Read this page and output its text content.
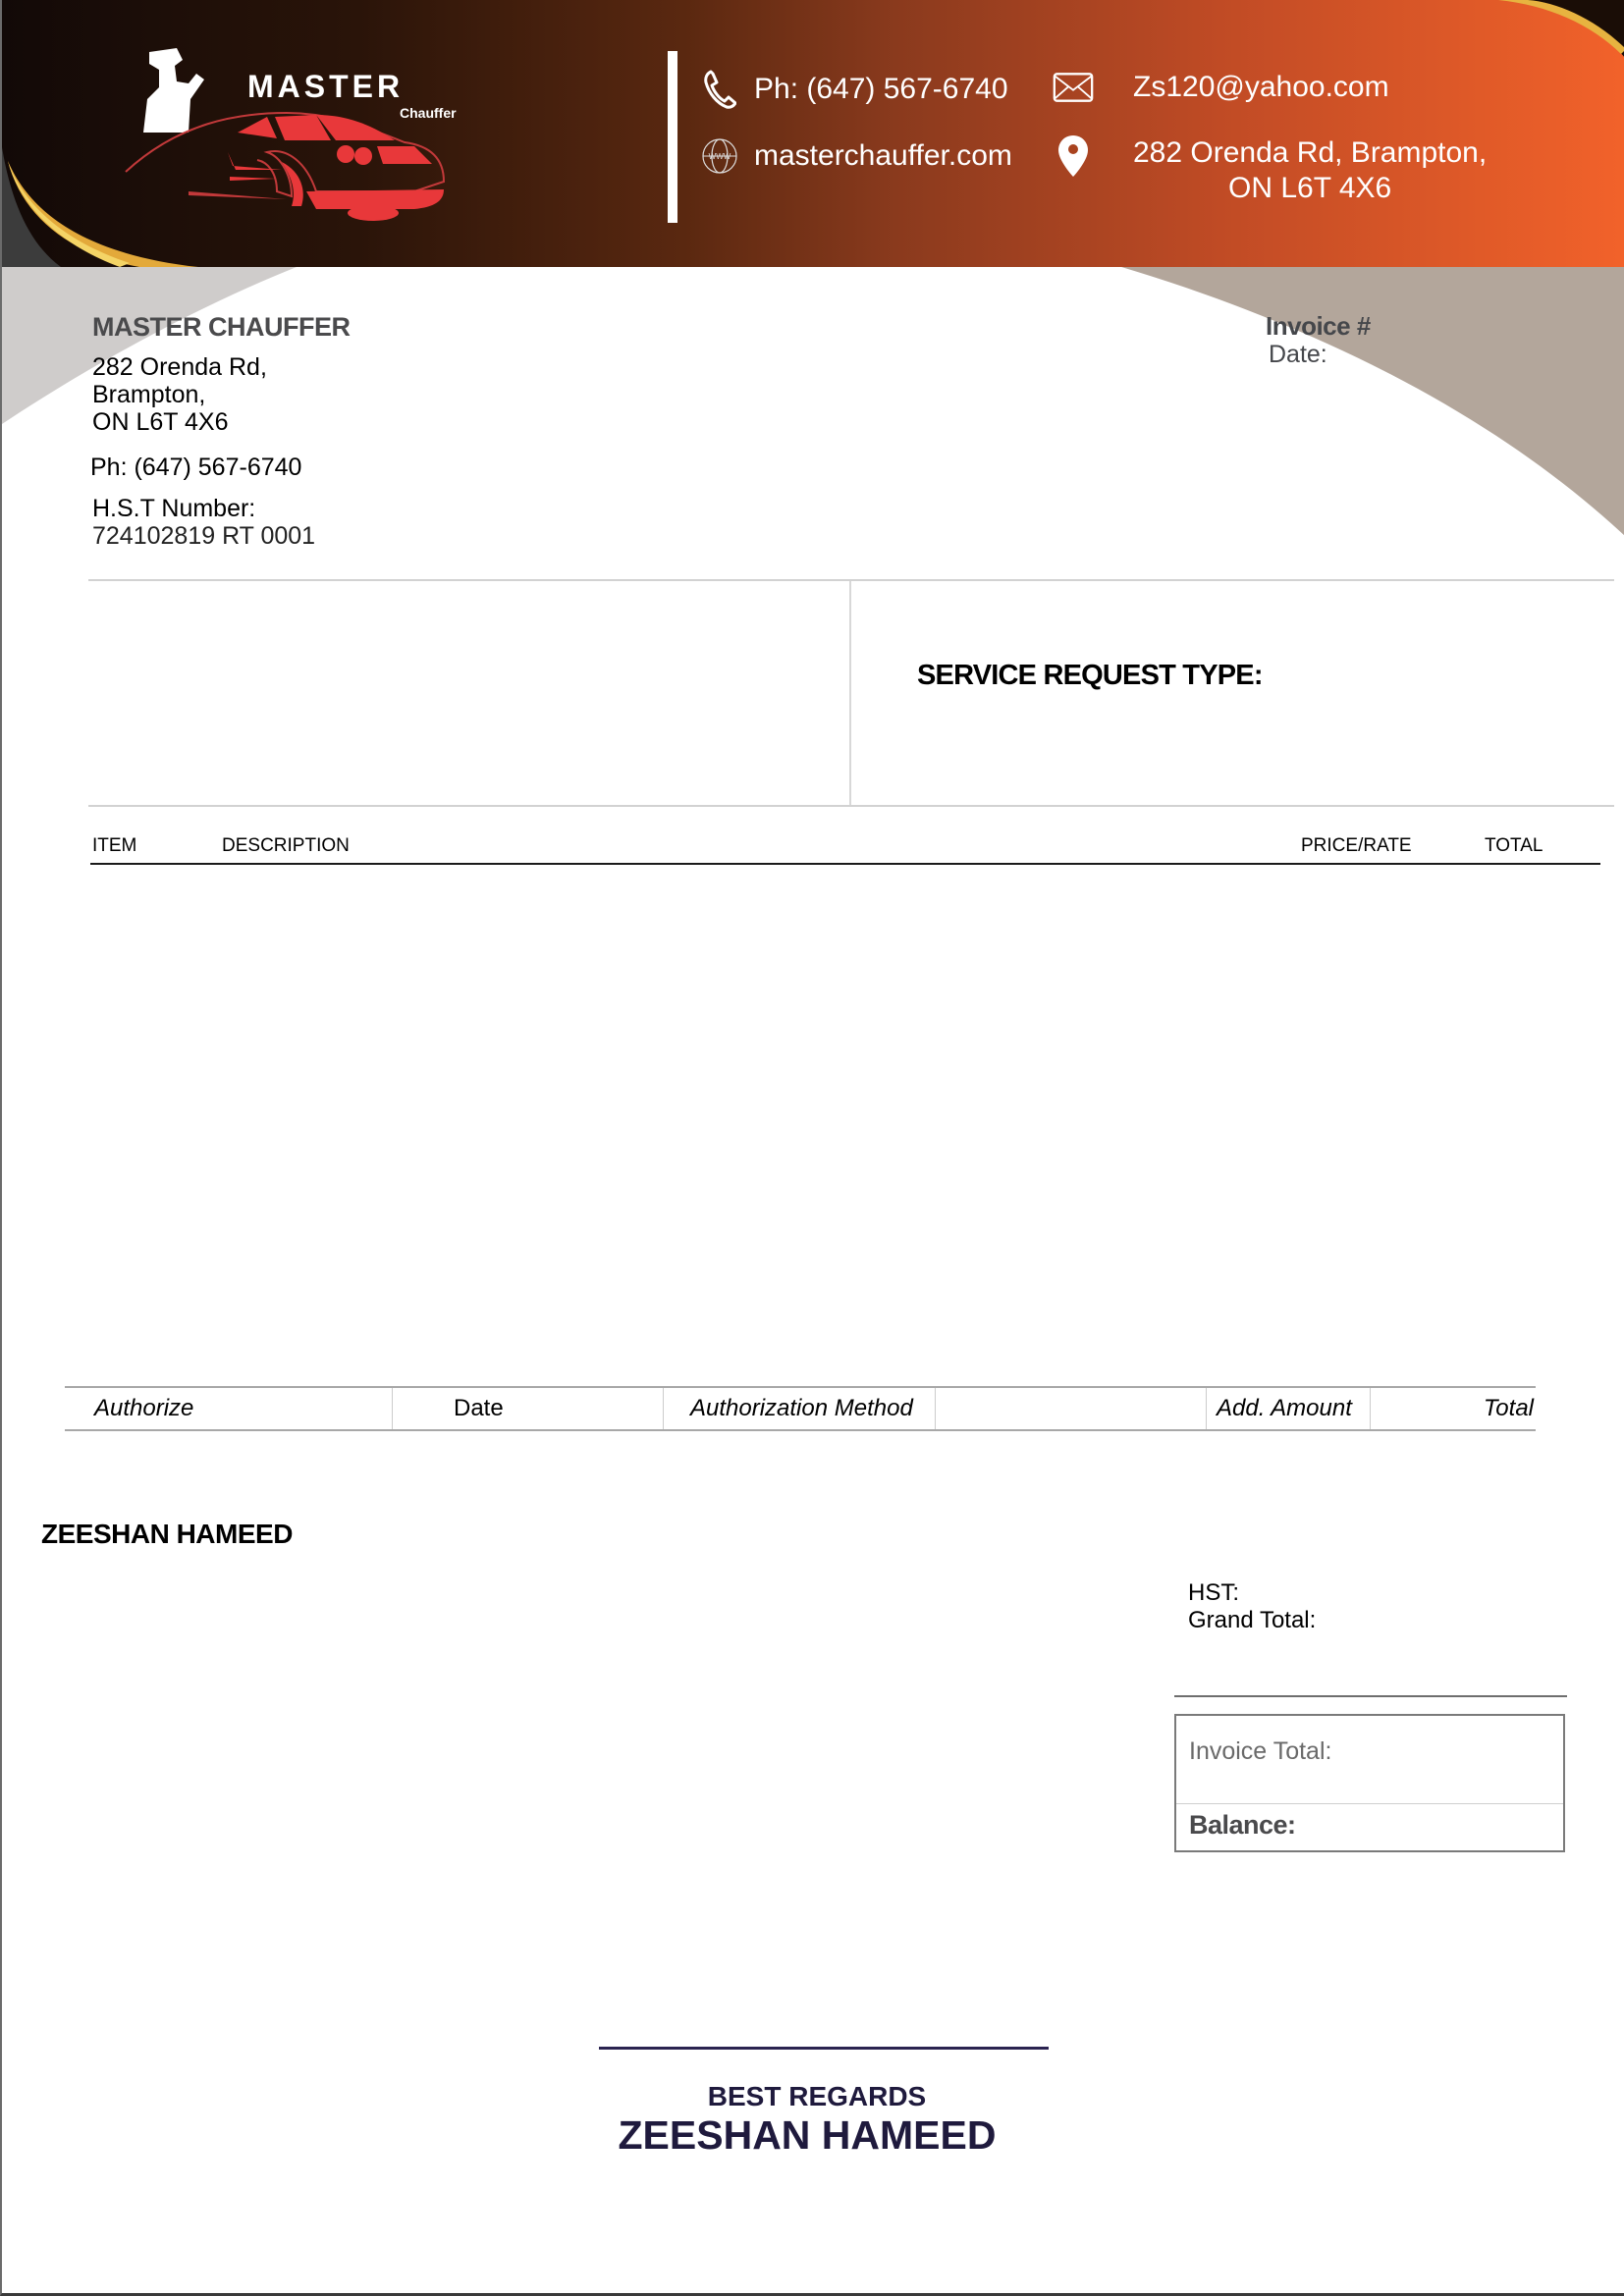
MASTER
Chauffer
Ph: (647) 567-6740
WWW masterchauffer.com
Zs120@yahoo.com
282 Orenda Rd, Brampton,
ON L6T 4X6
MASTER CHAUFFER
282 Orenda Rd,
Brampton,
ON L6T 4X6
Ph: (647) 567-6740
H.S.T Number:
724102819 RT 0001
Invoice #
Date:
SERVICE REQUEST TYPE:
ITEM	DESCRIPTION	PRICE/RATE	TOTAL
Authorize	Date	Authorization Method	Add. Amount	Total
ZEESHAN HAMEED
HST:
Grand Total:
Invoice Total:
Balance:
BEST REGARDS
ZEESHAN HAMEED
